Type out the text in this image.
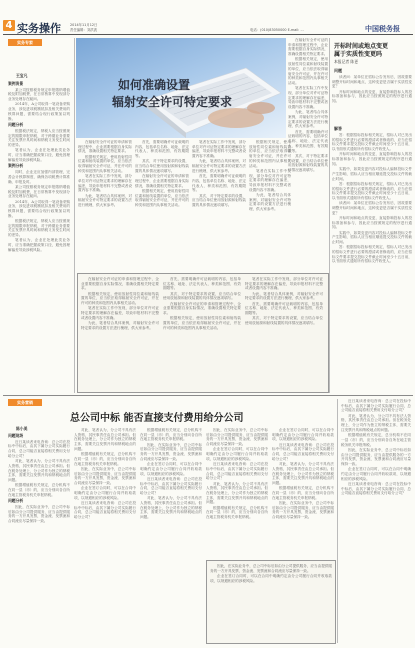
4 实务操作	2014年11月12日
责任编辑：刘洪波	电话：(010)83050000 E-mail: ...	中国税务报
实务专家
王宝凡
案例背景

某公司按照税务规定申报缴纳增值税及附加税费，在日常核算中发现部分业务处理存在疑问。

2014年，A公司取得一笔设备采购业务，涉及进项税额抵扣及相关费用的核算问题，需要结合现行政策加以判断。

问题分析

根据税法规定，纳税人应当按照规定的期限申报纳税，对于跨期业务需要关注发票开具时间和纳税义务发生时间的差异。

笔者认为，企业在处理此类业务时，应当准确把握政策口径，避免因理解偏差导致涉税风险。

案例分析

同时，企业还应加强内部管理，完善会计核算制度，确保各项税费计算准确、申报及时。

某公司按照税务规定申报缴纳增值税及附加税费，在日常核算中发现部分业务处理存在疑问。

2014年，A公司取得一笔设备采购业务，涉及进项税额抵扣及相关费用的核算问题，需要结合现行政策加以判断。

根据税法规定，纳税人应当按照规定的期限申报纳税，对于跨期业务需要关注发票开具时间和纳税义务发生时间的差异。

笔者认为，企业在处理此类业务时，应当准确把握政策口径，避免因理解偏差导致涉税风险。

如何准确设置
辐射安全许可特定要求

在辐射安全许可证的申请和管理过程中，企业需要根据自身实际情况，准确设置相关特定要求。

根据相关规定，使用放射性同位素和射线装置的单位，应当依法取得辐射安全许可证，并在许可的种类和范围内从事相关活动。

笔者在实际工作中发现，部分单位对许可证特定要求的理解存在偏差，导致申报材料不完整或者设置内容不准确。

为此，笔者结合具体案例，对辐射安全许可特定要求的设置方法进行梳理，供大家参考。

首先，需要明确许可证载明的内容，包括单位名称、地址、法定代表人、种类和范围、有效期限等。

其次，对于特定要求的设置，应当结合单位使用放射源和射线装置的具体情况逐项填写。

在辐射安全许可证的申请和管理过程中，企业需要根据自身实际情况，准确设置相关特定要求。

根据相关规定，使用放射性同位素和射线装置的单位，应当依法取得辐射安全许可证，并在许可的种类和范围内从事相关活动。

笔者在实际工作中发现，部分单位对许可证特定要求的理解存在偏差，导致申报材料不完整或者设置内容不准确。

为此，笔者结合具体案例，对辐射安全许可特定要求的设置方法进行梳理，供大家参考。

首先，需要明确许可证载明的内容，包括单位名称、地址、法定代表人、种类和范围、有效期限等。

其次，对于特定要求的设置，应当结合单位使用放射源和射线装置的具体情况逐项填写。

根据相关规定，使用放射性同位素和射线装置的单位，应当依法取得辐射安全许可证，并在许可的种类和范围内从事相关活动。

笔者在实际工作中发现，部分单位对许可证特定要求的理解存在偏差，导致申报材料不完整或者设置内容不准确。

为此，笔者结合具体案例，对辐射安全许可特定要求的设置方法进行梳理，供大家参考。

在辐射安全许可证的申请和管理过程中，企业需要根据自身实际情况，准确设置相关特定要求。

根据相关规定，使用放射性同位素和射线装置的单位，应当依法取得辐射安全许可证，并在许可的种类和范围内从事相关活动。

笔者在实际工作中发现，部分单位对许可证特定要求的理解存在偏差，导致申报材料不完整或者设置内容不准确。

为此，笔者结合具体案例，对辐射安全许可特定要求的设置方法进行梳理，供大家参考。

首先，需要明确许可证载明的内容，包括单位名称、地址、法定代表人、种类和范围、有效期限等。

其次，对于特定要求的设置，应当结合单位使用放射源和射线装置的具体情况逐项填写。

在辐射安全许可证的申请和管理过程中，企业需要根据自身实际情况，准确设置相关特定要求。

根据相关规定，使用放射性同位素和射线装置的单位，应当依法取得辐射安全许可证，并在许可的种类和范围内从事相关活动。

笔者在实际工作中发现，部分单位对许可证特定要求的理解存在偏差，导致申报材料不完整或者设置内容不准确。

为此，笔者结合具体案例，对辐射安全许可特定要求的设置方法进行梳理，供大家参考。

首先，需要明确许可证载明的内容，包括单位名称、地址、法定代表人、种类和范围、有效期限等。

其次，对于特定要求的设置，应当结合单位使用放射源和射线装置的具体情况逐项填写。

在辐射安全许可证的申请和管理过程中，企业需要根据自身实际情况，准确设置相关特定要求。

根据相关规定，使用放射性同位素和射线装置的单位，应当依法取得辐射安全许可证，并在许可的种类和范围内从事相关活动。

笔者在实际工作中发现，部分单位对许可证特定要求的理解存在偏差，导致申报材料不完整或者设置内容不准确。

为此，笔者结合具体案例，对辐射安全许可特定要求的设置方法进行梳理，供大家参考。

首先，需要明确许可证载明的内容，包括单位名称、地址、法定代表人、种类和范围、有效期限等。

其次，对于特定要求的设置，应当结合单位使用放射源和射线装置的具体情况逐项填写。

开标时间或地点变更
属于实质性变更吗
本报记者 陈更
问题

读者问：某单位在招标公告发布后，因故需要调整开标时间和地点，这种变更是否属于实质性变更？

开标时间和地点的变更，直接影响投标人的投标准备和参与，因此应当按照规定的程序进行通知。

解答

答：根据招标投标相关规定，招标人对已发出的招标文件进行必要的澄清或者修改的，应当在招标文件要求提交投标文件截止时间至少十五日前，以书面形式通知所有招标文件收受人。

开标时间和地点的变更，直接影响投标人的投标准备和参与，因此应当按照规定的程序进行通知。

实践中，如果变更内容对投标人编制投标文件产生影响，招标人应当相应顺延提交投标文件的截止时间。

答：根据招标投标相关规定，招标人对已发出的招标文件进行必要的澄清或者修改的，应当在招标文件要求提交投标文件截止时间至少十五日前，以书面形式通知所有招标文件收受人。

读者问：某单位在招标公告发布后，因故需要调整开标时间和地点，这种变更是否属于实质性变更？

开标时间和地点的变更，直接影响投标人的投标准备和参与，因此应当按照规定的程序进行通知。

实践中，如果变更内容对投标人编制投标文件产生影响，招标人应当相应顺延提交投标文件的截止时间。

答：根据招标投标相关规定，招标人对已发出的招标文件进行必要的澄清或者修改的，应当在招标文件要求提交投标文件截止时间至少十五日前，以书面形式通知所有招标文件收受人。

实务营销
总公司中标 能否直接支付费用给分公司
陈小美
问题现场

近日某读者来电咨询：总公司在投标中中标后，由其下属分公司实际履行合同，总公司能否直接将相关费用支付给分公司？

对此，笔者认为，分公司不具有法人资格，其民事责任由总公司承担。但在税务处理上，分公司作为独立的纳税主体，需要关注发票开具和纳税地点的问题。

根据增值税有关规定，总分机构不在同一县（市）的，应当分别向各自所在地主管税务机关申报纳税。

问题分析

因此，在实际业务中，总公司中标后如由分公司提供服务，应当由提供服务的一方开具发票，资金流、发票流和合同流应尽量保持一致。

对此，笔者认为，分公司不具有法人资格，其民事责任由总公司承担。但在税务处理上，分公司作为独立的纳税主体，需要关注发票开具和纳税地点的问题。

根据增值税有关规定，总分机构不在同一县（市）的，应当分别向各自所在地主管税务机关申报纳税。

因此，在实际业务中，总公司中标后如由分公司提供服务，应当由提供服务的一方开具发票，资金流、发票流和合同流应尽量保持一致。

企业在签订合同时，可以在合同中明确约定由分公司履行合同并收取款项，以规避相应的涉税风险。

近日某读者来电咨询：总公司在投标中中标后，由其下属分公司实际履行合同，总公司能否直接将相关费用支付给分公司？

根据增值税有关规定，总分机构不在同一县（市）的，应当分别向各自所在地主管税务机关申报纳税。

因此，在实际业务中，总公司中标后如由分公司提供服务，应当由提供服务的一方开具发票，资金流、发票流和合同流应尽量保持一致。

企业在签订合同时，可以在合同中明确约定由分公司履行合同并收取款项，以规避相应的涉税风险。

近日某读者来电咨询：总公司在投标中中标后，由其下属分公司实际履行合同，总公司能否直接将相关费用支付给分公司？

对此，笔者认为，分公司不具有法人资格，其民事责任由总公司承担。但在税务处理上，分公司作为独立的纳税主体，需要关注发票开具和纳税地点的问题。

因此，在实际业务中，总公司中标后如由分公司提供服务，应当由提供服务的一方开具发票，资金流、发票流和合同流应尽量保持一致。

企业在签订合同时，可以在合同中明确约定由分公司履行合同并收取款项，以规避相应的涉税风险。

近日某读者来电咨询：总公司在投标中中标后，由其下属分公司实际履行合同，总公司能否直接将相关费用支付给分公司？

对此，笔者认为，分公司不具有法人资格，其民事责任由总公司承担。但在税务处理上，分公司作为独立的纳税主体，需要关注发票开具和纳税地点的问题。

根据增值税有关规定，总分机构不在同一县（市）的，应当分别向各自所在地主管税务机关申报纳税。

企业在签订合同时，可以在合同中明确约定由分公司履行合同并收取款项，以规避相应的涉税风险。

近日某读者来电咨询：总公司在投标中中标后，由其下属分公司实际履行合同，总公司能否直接将相关费用支付给分公司？

对此，笔者认为，分公司不具有法人资格，其民事责任由总公司承担。但在税务处理上，分公司作为独立的纳税主体，需要关注发票开具和纳税地点的问题。

根据增值税有关规定，总分机构不在同一县（市）的，应当分别向各自所在地主管税务机关申报纳税。

因此，在实际业务中，总公司中标后如由分公司提供服务，应当由提供服务的一方开具发票，资金流、发票流和合同流应尽量保持一致。

近日某读者来电咨询：总公司在投标中中标后，由其下属分公司实际履行合同，总公司能否直接将相关费用支付给分公司？

对此，笔者认为，分公司不具有法人资格，其民事责任由总公司承担。但在税务处理上，分公司作为独立的纳税主体，需要关注发票开具和纳税地点的问题。

根据增值税有关规定，总分机构不在同一县（市）的，应当分别向各自所在地主管税务机关申报纳税。

因此，在实际业务中，总公司中标后如由分公司提供服务，应当由提供服务的一方开具发票，资金流、发票流和合同流应尽量保持一致。

企业在签订合同时，可以在合同中明确约定由分公司履行合同并收取款项，以规避相应的涉税风险。

近日某读者来电咨询：总公司在投标中中标后，由其下属分公司实际履行合同，总公司能否直接将相关费用支付给分公司？

因此，在实际业务中，总公司中标后如由分公司提供服务，应当由提供服务的一方开具发票，资金流、发票流和合同流应尽量保持一致。

企业在签订合同时，可以在合同中明确约定由分公司履行合同并收取款项，以规避相应的涉税风险。
